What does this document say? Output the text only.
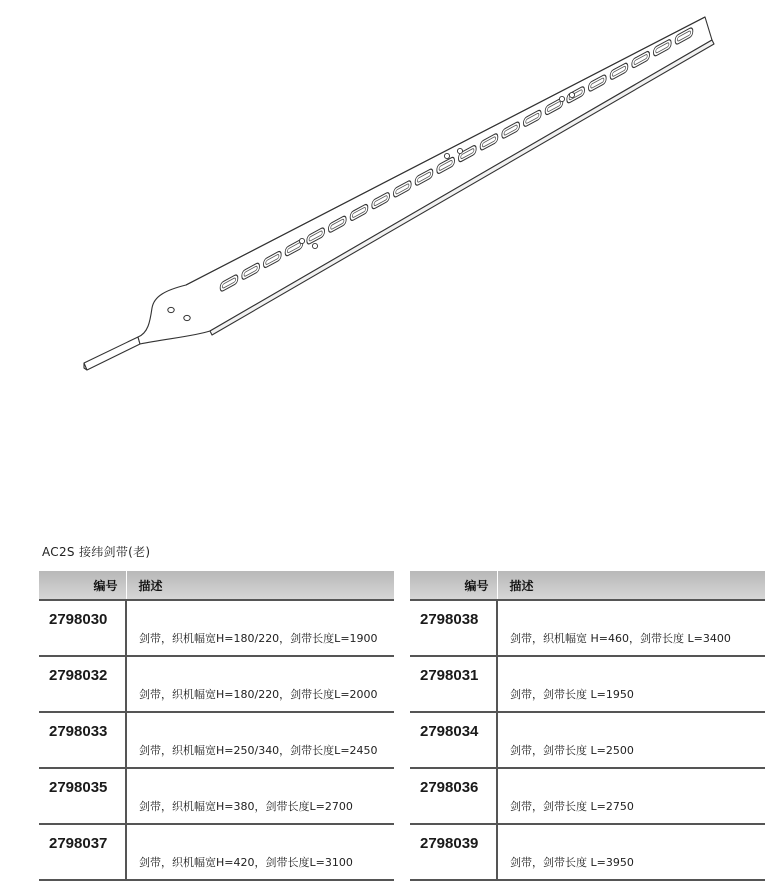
AC2S 接纬剑带(老)
编号	描述
2798030	剑带，织机幅宽H=180/220，剑带长度L=1900
2798032	剑带，织机幅宽H=180/220，剑带长度L=2000
2798033	剑带，织机幅宽H=250/340，剑带长度L=2450
2798035	剑带，织机幅宽H=380，剑带长度L=2700
2798037	剑带，织机幅宽H=420，剑带长度L=3100
编号	描述
2798038	剑带，织机幅宽 H=460，剑带长度 L=3400
2798031	剑带，剑带长度 L=1950
2798034	剑带，剑带长度 L=2500
2798036	剑带，剑带长度 L=2750
2798039	剑带，剑带长度 L=3950
